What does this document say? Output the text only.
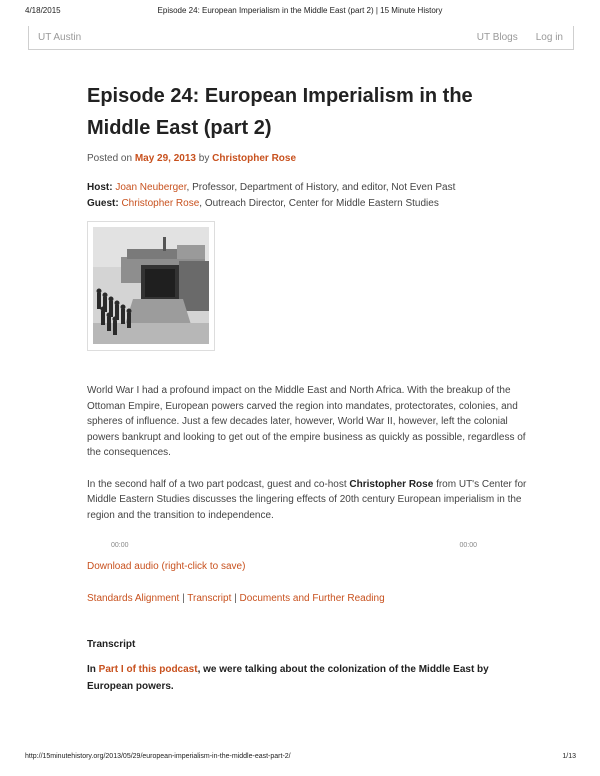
4/18/2015	Episode 24: European Imperialism in the Middle East (part 2) | 15 Minute History
UT Austin	UT Blogs Log in
Episode 24: European Imperialism in the Middle East (part 2)
Posted on May 29, 2013 by Christopher Rose
Host: Joan Neuberger, Professor, Department of History, and editor, Not Even Past
Guest: Christopher Rose, Outreach Director, Center for Middle Eastern Studies

World War I had a profound impact on the Middle East and North Africa. With the breakup of the Ottoman Empire, European powers carved the region into mandates, protectorates, colonies, and spheres of influence. Just a few decades later, however, World War II, however, left the colonial powers bankrupt and looking to get out of the empire business as quickly as possible, regardless of the consequences.

In the second half of a two part podcast, guest and co-host Christopher Rose from UT's Center for Middle Eastern Studies discusses the lingering effects of 20th century European imperialism in the region and the transition to independence.

00:00	00:00
Download audio (right-click to save)
Standards Alignment | Transcript | Documents and Further Reading
Transcript

In Part I of this podcast, we were talking about the colonization of the Middle East by European powers.

http://15minutehistory.org/2013/05/29/european-imperialism-in-the-middle-east-part-2/	1/13
